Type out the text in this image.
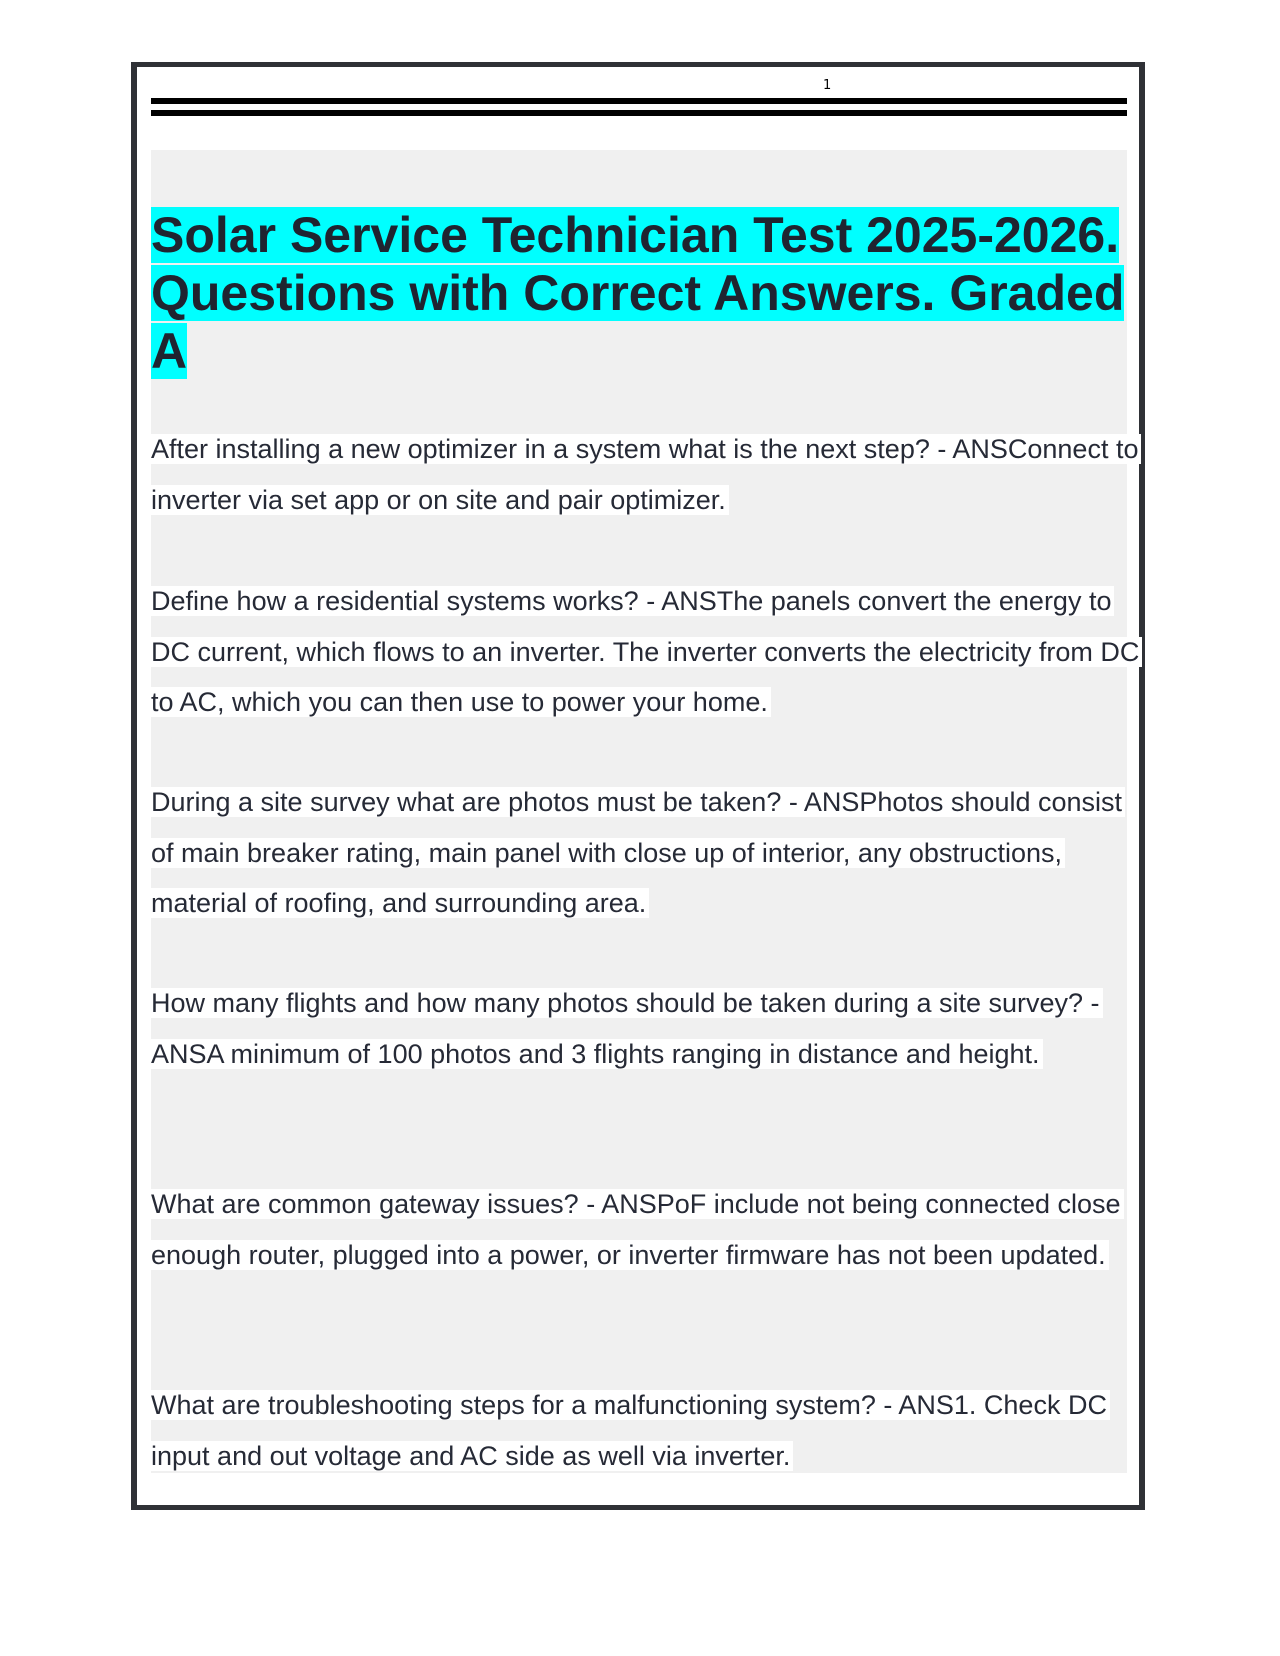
1
Solar Service Technician Test 2025-2026. Questions with Correct Answers. Graded A

After installing a new optimizer in a system what is the next step? - ANSConnect to inverter via set app or on site and pair optimizer.

Define how a residential systems works? - ANSThe panels convert the energy to DC current, which flows to an inverter. The inverter converts the electricity from DC to AC, which you can then use to power your home.

During a site survey what are photos must be taken? - ANSPhotos should consist of main breaker rating, main panel with close up of interior, any obstructions, material of roofing, and surrounding area.

How many flights and how many photos should be taken during a site survey? - ANSA minimum of 100 photos and 3 flights ranging in distance and height.

What are common gateway issues? - ANSPoF include not being connected close enough router, plugged into a power, or inverter firmware has not been updated.

What are troubleshooting steps for a malfunctioning system? - ANS1. Check DC input and out voltage and AC side as well via inverter.
